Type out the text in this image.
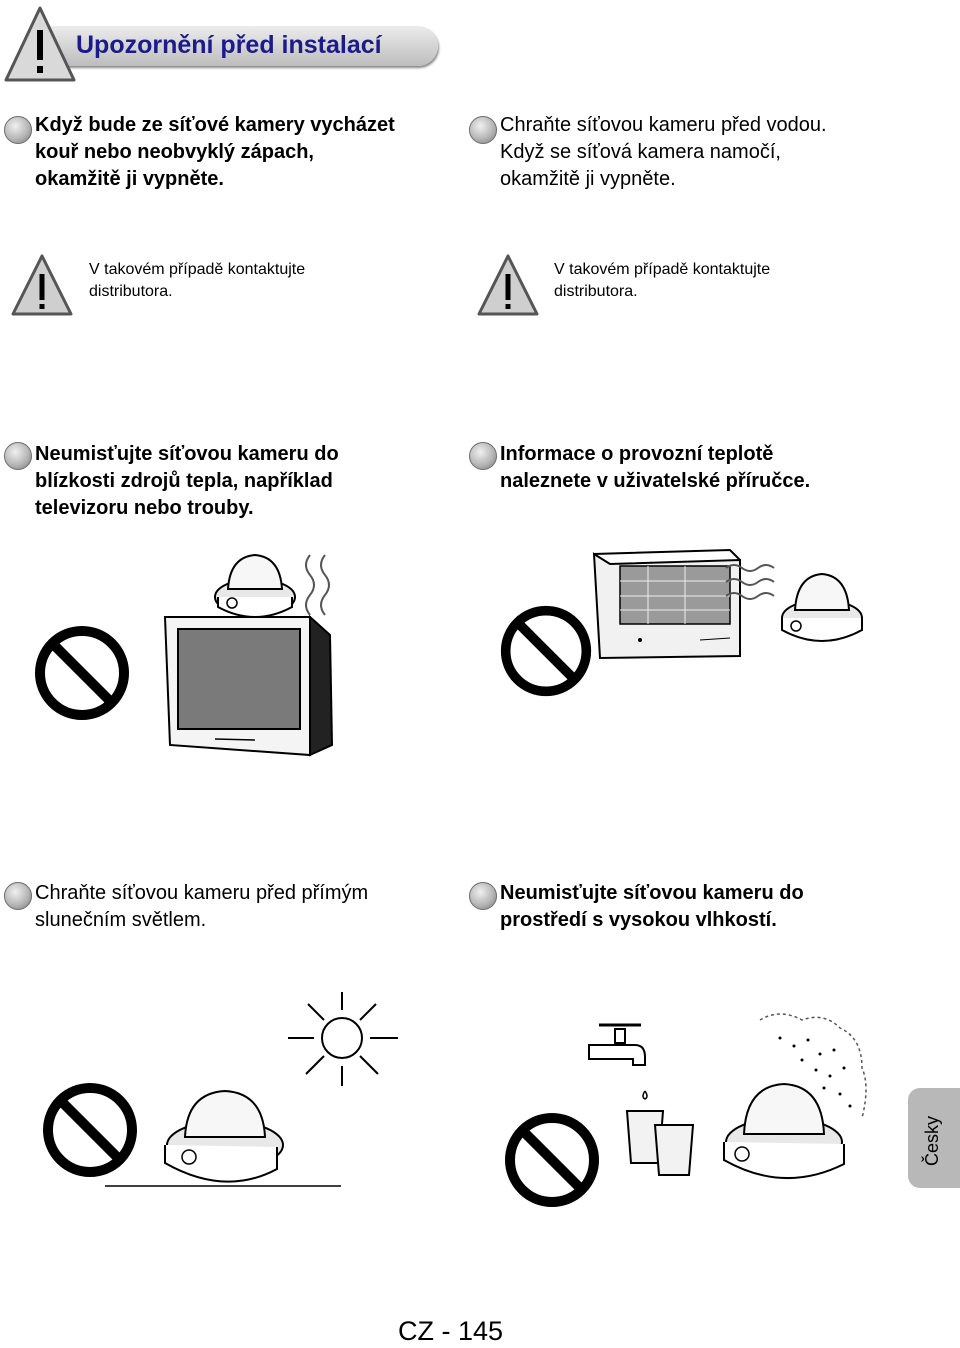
Upozornění před instalací
Když bude ze síťové kamery vycházet
kouř nebo neobvyklý zápach,
okamžitě ji vypněte.
V takovém případě kontaktujte
distributora.
Chraňte síťovou kameru před vodou.
Když se síťová kamera namočí,
okamžitě ji vypněte.
V takovém případě kontaktujte
distributora.
Neumisťujte síťovou kameru do
blízkosti zdrojů tepla, například
televizoru nebo trouby.
Informace o provozní teplotě
naleznete v uživatelské příručce.
Chraňte síťovou kameru před přímým
slunečním světlem.
Neumisťujte síťovou kameru do
prostředí s vysokou vlhkostí.
Česky
CZ - 145
